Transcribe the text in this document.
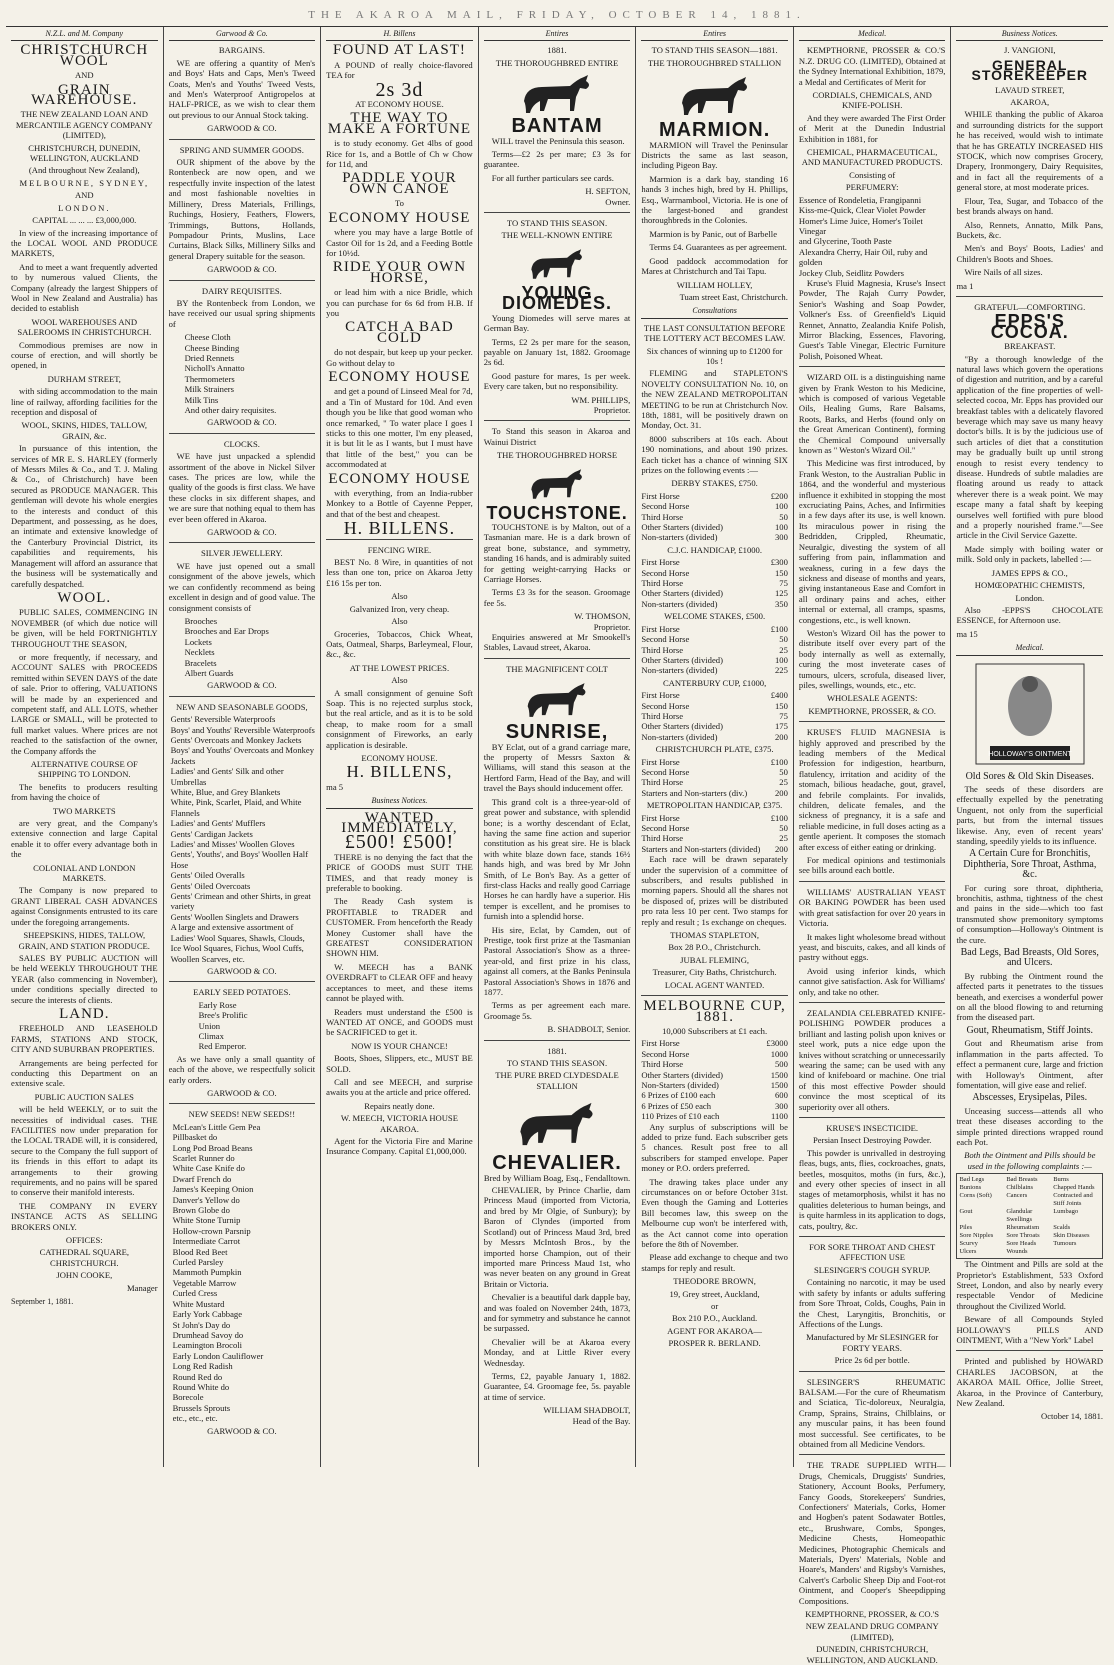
THE AKAROA MAIL, FRIDAY, OCTOBER 14, 1881.
N.Z.L. and M. Company
CHRISTCHURCH WOOL
AND
GRAIN WAREHOUSE.
THE NEW ZEALAND LOAN AND MERCANTILE AGENCY COMPANY (LIMITED),
CHRISTCHURCH, DUNEDIN, WELLINGTON, AUCKLAND
(And throughout New Zealand),
MELBOURNE, SYDNEY,
AND
LONDON.
CAPITAL ... ... ... £3,000,000.

In view of the increasing importance of the LOCAL WOOL AND PRODUCE MARKETS,

And to meet a want frequently adverted to by numerous valued Clients, the Company (already the largest Shippers of Wool in New Zealand and Australia) has decided to establish

WOOL WAREHOUSES AND SALEROOMS IN CHRISTCHURCH.

Commodious premises are now in course of erection, and will shortly be opened, in

DURHAM STREET,

with siding accommodation to the main line of railway, affording facilities for the reception and disposal of

WOOL, SKINS, HIDES, TALLOW, GRAIN, &c.

In pursuance of this intention, the services of MR E. S. HARLEY (formerly of Messrs Miles & Co., and T. J. Maling & Co., of Christchurch) have been secured as PRODUCE MANAGER. This gentleman will devote his whole energies to the interests and conduct of this Department, and possessing, as he does, an intimate and extensive knowledge of the Canterbury Provincial District, its capabilities and requirements, his Management will afford an assurance that the business will be systematically and carefully despatched.

WOOL.

PUBLIC SALES, COMMENCING IN NOVEMBER (of which due notice will be given, will be held FORTNIGHTLY THROUGHOUT THE SEASON,

or more frequently, if necessary, and ACCOUNT SALES with PROCEEDS remitted within SEVEN DAYS of the date of sale. Prior to offering, VALUATIONS will be made by an experienced and competent staff, and ALL LOTS, whether LARGE or SMALL, will be protected to full market values. Where prices are not reached to the satisfaction of the owner, the Company affords the

ALTERNATIVE COURSE OF SHIPPING TO LONDON.

The benefits to producers resulting from having the choice of

TWO MARKETS

are very great, and the Company's extensive connection and large Capital enable it to offer every advantage both in the

COLONIAL AND LONDON MARKETS.

The Company is now prepared to GRANT LIBERAL CASH ADVANCES against Consignments entrusted to its care under the foregoing arrangements.

SHEEPSKINS, HIDES, TALLOW, GRAIN, AND STATION PRODUCE.

SALES BY PUBLIC AUCTION will be held WEEKLY THROUGHOUT THE YEAR (also commencing in November), under conditions specially directed to secure the interests of clients.

LAND.

FREEHOLD AND LEASEHOLD FARMS, STATIONS AND STOCK, CITY AND SUBURBAN PROPERTIES.

Arrangements are being perfected for conducting this Department on an extensive scale.

PUBLIC AUCTION SALES

will be held WEEKLY, or to suit the necessities of individual cases. THE FACILITIES now under preparation for the LOCAL TRADE will, it is considered, secure to the Company the full support of its friends in this effort to adapt its arrangements to their growing requirements, and no pains will be spared to conserve their manifold interests.

THE COMPANY IN EVERY INSTANCE ACTS AS SELLING BROKERS ONLY.

OFFICES:
CATHEDRAL SQUARE, CHRISTCHURCH.
JOHN COOKE,
Manager
September 1, 1881.
Garwood & Co.
BARGAINS.

WE are offering a quantity of Men's and Boys' Hats and Caps, Men's Tweed Coats, Men's and Youths' Tweed Vests, and Men's Waterproof Antigropelos at HALF-PRICE, as we wish to clear them out previous to our Annual Stock taking.

GARWOOD & CO.
SPRING AND SUMMER GOODS.

OUR shipment of the above by the Rontenbeck are now open, and we respectfully invite inspection of the latest and most fashionable novelties in Millinery, Dress Materials, Frillings, Ruchings, Hosiery, Feathers, Flowers, Trimmings, Buttons, Hollands, Pompadour Prints, Muslins, Lace Curtains, Black Silks, Millinery Silks and general Drapery suitable for the season.

GARWOOD & CO.
DAIRY REQUISITES.

BY the Rontenbeck from London, we have received our usual spring shipments of

Cheese Cloth
Cheese Binding
Dried Rennets
Nicholl's Annatto
Thermometers
Milk Strainers
Milk Tins
And other dairy requisites.
GARWOOD & CO.
CLOCKS.

WE have just unpacked a splendid assortment of the above in Nickel Silver cases. The prices are low, while the quality of the goods is first class. We have these clocks in six different shapes, and we are sure that nothing equal to them has ever been offered in Akaroa.

GARWOOD & CO.
SILVER JEWELLERY.

WE have just opened out a small consignment of the above jewels, which we can confidently recommend as being excellent in design and of good value. The consignment consists of

Brooches
Brooches and Ear Drops
Lockets
Necklets
Bracelets
Albert Guards
GARWOOD & CO.
NEW AND SEASONABLE GOODS,
Gents' Reversible Waterproofs
Boys' and Youths' Reversible Waterproofs
Gents' Overcoats and Monkey Jackets
Boys' and Youths' Overcoats and Monkey Jackets
Ladies' and Gents' Silk and other Umbrellas
White, Blue, and Grey Blankets
White, Pink, Scarlet, Plaid, and White Flannels
Ladies' and Gents' Mufflers
Gents' Cardigan Jackets
Ladies' and Misses' Woollen Gloves
Gents', Youths', and Boys' Woollen Half Hose
Gents' Oiled Overalls
Gents' Oiled Overcoats
Gents' Crimean and other Shirts, in great variety
Gents' Woollen Singlets and Drawers
A large and extensive assortment of Ladies' Wool Squares, Shawls, Clouds, Ice Wool Squares, Fichus, Wool Cuffs, Woollen Scarves, etc.
GARWOOD & CO.
EARLY SEED POTATOES.
Early Rose
Bree's Prolific
Union
Climax
Red Emperor.

As we have only a small quantity of each of the above, we respectfully solicit early orders.

GARWOOD & CO.
NEW SEEDS! NEW SEEDS!!
McLean's Little Gem Pea
Pillbasket do
Long Pod Broad Beans
Scarlet Runner do
White Case Knife do
Dwarf French do
James's Keeping Onion
Danver's Yellow do
Brown Globe do
White Stone Turnip
Hollow-crown Parsnip
Intermediate Carrot
Blood Red Beet
Curled Parsley
Mammoth Pumpkin
Vegetable Marrow
Curled Cress
White Mustard
Early York Cabbage
St John's Day do
Drumhead Savoy do
Leamington Brocoli
Early London Cauliflower
Long Red Radish
Round Red do
Round White do
Borecole
Brussels Sprouts
etc., etc., etc.
GARWOOD & CO.
H. Billens
FOUND AT LAST!

A POUND of really choice-flavored TEA for

2s 3d
AT ECONOMY HOUSE.
THE WAY TO MAKE A FORTUNE

is to study economy. Get 4lbs of good Rice for 1s, and a Bottle of Ch w Chow for 11d, and

PADDLE YOUR OWN CANOE
To
ECONOMY HOUSE

where you may have a large Bottle of Castor Oil for 1s 2d, and a Feeding Bottle for 10½d.

RIDE YOUR OWN HORSE,

or lead him with a nice Bridle, which you can purchase for 6s 6d from H.B. If you

CATCH A BAD COLD

do not despair, but keep up your pecker. Go without delay to

ECONOMY HOUSE

and get a pound of Linseed Meal for 7d, and a Tin of Mustard for 10d. And even though you be like that good woman who once remarked, " To water place I goes I sticks to this one motter, I'm eny pleased, it is but lit le as I wants, but I must have that little of the best," you can be accommodated at

ECONOMY HOUSE

with everything, from an India-rubber Monkey to a Bottle of Cayenne Pepper, and that of the best and cheapest.

H. BILLENS.
FENCING WIRE.

BEST No. 8 Wire, in quantities of not less than one ton, price on Akaroa Jetty £16 15s per ton.

Also
Galvanized Iron, very cheap.
Also

Groceries, Tobaccos, Chick Wheat, Oats, Oatmeal, Sharps, Barleymeal, Flour, &c., &c.

AT THE LOWEST PRICES.
Also

A small consignment of genuine Soft Soap. This is no rejected surplus stock, but the real article, and as it is to be sold cheap, to make room for a small consignment of Fireworks, an early application is desirable.

ECONOMY HOUSE.
H. BILLENS,
ma 5
Business Notices.
WANTED IMMEDIATELY,
£500! £500!

THERE is no denying the fact that the PRICE of GOODS must SUIT THE TIMES, and that ready money is preferable to booking.

The Ready Cash system is PROFITABLE to TRADER and CUSTOMER. From henceforth the Ready Money Customer shall have the GREATEST CONSIDERATION SHOWN HIM.

W. MEECH has a BANK OVERDRAFT to CLEAR OFF and heavy acceptances to meet, and these items cannot be played with.

Readers must understand the £500 is WANTED AT ONCE, and GOODS must be SACRIFICED to get it.

NOW IS YOUR CHANCE!

Boots, Shoes, Slippers, etc., MUST BE SOLD.

Call and see MEECH, and surprise awaits you at the article and price offered.

Repairs neatly done.
W. MEECH, VICTORIA HOUSE AKAROA.

Agent for the Victoria Fire and Marine Insurance Company. Capital £1,000,000.

Entires
1881.
THE THOROUGHBRED ENTIRE
BANTAM

WILL travel the Peninsula this season.

Terms—£2 2s per mare; £3 3s for guarantee.

For all further particulars see cards.

H. SEFTON,
Owner.
TO STAND THIS SEASON.
THE WELL-KNOWN ENTIRE
YOUNG DIOMEDES.

Young Diomedes will serve mares at German Bay.

Terms, £2 2s per mare for the season, payable on January 1st, 1882. Groomage 2s 6d.

Good pasture for mares, 1s per week. Every care taken, but no responsibility.

WM. PHILLIPS,
Proprietor.

To Stand this season in Akaroa and Wainui District

THE THOROUGHBRED HORSE
TOUCHSTONE.

TOUCHSTONE is by Malton, out of a Tasmanian mare. He is a dark brown of great bone, substance, and symmetry, standing 16 hands, and is admirably suited for getting weight-carrying Hacks or Carriage Horses.

Terms £3 3s for the season. Groomage fee 5s.

W. THOMSON,
Proprietor.

Enquiries answered at Mr Smookell's Stables, Lavaud street, Akaroa.

THE MAGNIFICENT COLT
SUNRISE,

BY Eclat, out of a grand carriage mare, the property of Messrs Saxton & Williams, will stand this season at the Hertford Farm, Head of the Bay, and will travel the Bays should inducement offer.

This grand colt is a three-year-old of great power and substance, with splendid bone; is a worthy descendant of Eclat, having the same fine action and superior constitution as his great sire. He is black with white blaze down face, stands 16½ hands high, and was bred by Mr John Smith, of Le Bon's Bay. As a getter of first-class Hacks and really good Carriage Horses he can hardly have a superior. His temper is excellent, and he promises to furnish into a splendid horse.

His sire, Eclat, by Camden, out of Prestige, took first prize at the Tasmanian Pastoral Association's Show as a three-year-old, and first prize in his class, against all comers, at the Banks Peninsula Pastoral Association's Shows in 1876 and 1877.

Terms as per agreement each mare. Groomage 5s.

B. SHADBOLT, Senior.
1881.
TO STAND THIS SEASON.
THE PURE BRED CLYDESDALE STALLION
CHEVALIER.
Bred by William Boag, Esq., Fendalltown.

CHEVALIER, by Prince Charlie, dam Princess Maud (imported from Victoria, and bred by Mr Olgie, of Sunbury); by Baron of Clyndes (imported from Scotland) out of Princess Maud 3rd, bred by Messrs McIntosh Bros., by the imported horse Champion, out of their imported mare Princess Maud 1st, who was never beaten on any ground in Great Britain or Victoria.

Chevalier is a beautiful dark dapple bay, and was foaled on November 24th, 1873, and for symmetry and substance he cannot be surpassed.

Chevalier will be at Akaroa every Monday, and at Little River every Wednesday.

Terms, £2, payable January 1, 1882. Guarantee, £4. Groomage fee, 5s. payable at time of service.

WILLIAM SHADBOLT,
Head of the Bay.
Entires
TO STAND THIS SEASON—1881.
THE THOROUGHBRED STALLION
MARMION.

MARMION will Travel the Peninsular Districts the same as last season, including Pigeon Bay.

Marmion is a dark bay, standing 16 hands 3 inches high, bred by H. Phillips, Esq., Warrnambool, Victoria. He is one of the largest-boned and grandest thoroughbreds in the Colonies.

Marmion is by Panic, out of Barbelle

Terms £4. Guarantees as per agreement.

Good paddock accommodation for Mares at Christchurch and Tai Tapu.

WILLIAM HOLLEY,
Tuam street East, Christchurch.
Consultations
THE LAST CONSULTATION BEFORE THE LOTTERY ACT BECOMES LAW.
Six chances of winning up to £1200 for 10s !

FLEMING and STAPLETON'S NOVELTY CONSULTATION No. 10, on the NEW ZEALAND METROPOLITAN MEETING to be run at Christchurch Nov. 18th, 1881, will be positively drawn on Monday, Oct. 31.

8000 subscribers at 10s each. About 190 nominations, and about 190 prizes. Each ticket has a chance of winning SIX prizes on the following events :—

DERBY STAKES, £750.
First Horse	£200
Second Horse	100
Third Horse	50
Other Starters (divided)	100
Non-starters (divided)	300
C.J.C. HANDICAP, £1000.
First Horse	£300
Second Horse	150
Third Horse	75
Other Starters (divided)	125
Non-starters (divided)	350
WELCOME STAKES, £500.
First Horse	£100
Second Horse	50
Third Horse	25
Other Starters (divided)	100
Non-starters (divided)	225
CANTERBURY CUP, £1000,
First Horse	£400
Second Horse	150
Third Horse	75
Other Starters (divided)	175
Non-starters (divided)	200
CHRISTCHURCH PLATE, £375.
First Horse	£100
Second Horse	50
Third Horse	25
Starters and Non-starters (div.)	200
METROPOLITAN HANDICAP, £375.
First Horse	£100
Second Horse	50
Third Horse	25
Starters and Non-starters (divided) 200

Each race will be drawn separately under the supervision of a committee of subscribers, and results published in morning papers. Should all the shares not be disposed of, prizes will be distributed pro rata less 10 per cent. Two stamps for reply and result ; 1s exchange on cheques.

THOMAS STAPLETON,
Box 28 P.O., Christchurch.
JUBAL FLEMING,
Treasurer, City Baths, Christchurch.
LOCAL AGENT WANTED.
MELBOURNE CUP, 1881.
10,000 Subscribers at £1 each.
First Horse	£3000
Second Horse	1000
Third Horse	500
Other Starters (divided)	1500
Non-Starters (divided)	1500
6 Prizes of £100 each	600
6 Prizes of £50 each	300
110 Prizes of £10 each	1100

Any surplus of subscriptions will be added to prize fund. Each subscriber gets 5 chances. Result post free to all subscribers for stamped envelope. Paper money or P.O. orders preferred.

The drawing takes place under any circumstances on or before October 31st. Even though the Gaming and Lotteries Bill becomes law, this sweep on the Melbourne cup won't be interfered with, as the Act cannot come into operation before the 8th of November.

Please add exchange to cheque and two stamps for reply and result.

THEODORE BROWN,
19, Grey street, Auckland,
or
Box 210 P.O., Auckland.
AGENT FOR AKAROA—
PROSPER R. BERLAND.
Medical.

KEMPTHORNE, PROSSER & CO.'S N.Z. DRUG CO. (LIMITED), Obtained at the Sydney International Exhibition, 1879, a Medal and Certificates of Merit for

CORDIALS, CHEMICALS, AND KNIFE-POLISH.

And they were awarded The First Order of Merit at the Dunedin Industrial Exhibition in 1881, for

CHEMICAL, PHARMACEUTICAL, AND MANUFACTURED PRODUCTS.
Consisting of
PERFUMERY:
Essence of Rondeletia, Frangipanni
Kiss-me-Quick, Clear Violet Powder
Homer's Lime Juice, Homer's Toilet Vinegar
and Glycerine, Tooth Paste
Alexandra Cherry, Hair Oil, ruby and golden
Jockey Club, Seidlitz Powders

Kruse's Fluid Magnesia, Kruse's Insect Powder, The Rajah Curry Powder, Senior's Washing and Soap Powder, Volkner's Ess. of Greenfield's Liquid Rennet, Annatto, Zealandia Knife Polish, Mirror Blacking, Essences, Flavoring, Guest's Table Vinegar, Electric Furniture Polish, Poisoned Wheat.

WIZARD OIL is a distinguishing name given by Frank Weston to his Medicine, which is composed of various Vegetable Oils, Healing Gums, Rare Balsams, Roots, Barks, and Herbs (found only on the Great American Continent), forming the Chemical Compound universally known as " Weston's Wizard Oil."

This Medicine was first introduced, by Frank Weston, to the Australian Public in 1864, and the wonderful and mysterious influence it exhibited in stopping the most excruciating Pains, Aches, and Infirmities in a few days after its use, is well known. Its miraculous power in rising the Bedridden, Crippled, Rheumatic, Neuralgic, divesting the system of all suffering from pain, inflammation and weakness, curing in a few days the sickness and disease of months and years, giving instantaneous Ease and Comfort in all ordinary pains and aches, either internal or external, all cramps, spasms, congestions, etc., is well known.

Weston's Wizard Oil has the power to distribute itself over every part of the body internally as well as externally, curing the most inveterate cases of tumours, ulcers, scrofula, diseased liver, piles, swellings, wounds, etc., etc.

WHOLESALE AGENTS:
KEMPTHORNE, PROSSER, & CO.

KRUSE'S FLUID MAGNESIA is highly approved and prescribed by the leading members of the Medical Profession for indigestion, heartburn, flatulency, irritation and acidity of the stomach, bilious headache, gout, gravel, and febrile complaints. For invalids, children, delicate females, and the sickness of pregnancy, it is a safe and reliable medicine, in full doses acting as a gentle aperient. It composes the stomach after excess of either eating or drinking.

For medical opinions and testimonials see bills around each bottle.

WILLIAMS' AUSTRALIAN YEAST OR BAKING POWDER has been used with great satisfaction for over 20 years in Victoria.

It makes light wholesome bread without yeast, and biscuits, cakes, and all kinds of pastry without eggs.

Avoid using inferior kinds, which cannot give satisfaction. Ask for Williams' only, and take no other.

ZEALANDIA CELEBRATED KNIFE-POLISHING POWDER produces a brilliant and lasting polish upon knives or steel work, puts a nice edge upon the knives without scratching or unnecessarily wearing the same; can be used with any kind of knifeboard or machine. One trial of this most effective Powder should convince the most sceptical of its superiority over all others.

KRUSE'S INSECTICIDE.
Persian Insect Destroying Powder.

This powder is unrivalled in destroying fleas, bugs, ants, flies, cockroaches, gnats, beetles, mosquitos, moths (in furs, &c.), and every other species of insect in all stages of metamorphosis, whilst it has no qualities deleterious to human beings, and is quite harmless in its application to dogs, cats, poultry, &c.

FOR SORE THROAT AND CHEST AFFECTION USE
SLESINGER'S COUGH SYRUP.

Containing no narcotic, it may be used with safety by infants or adults suffering from Sore Throat, Colds, Coughs, Pain in the Chest, Laryngitis, Bronchitis, or Affections of the Lungs.

Manufactured by Mr SLESINGER for FORTY YEARS.
Price 2s 6d per bottle.

SLESINGER'S RHEUMATIC BALSAM.—For the cure of Rheumatism and Sciatica, Tic-doloreux, Neuralgia, Cramp, Sprains, Strains, Chilblains, or any muscular pains, it has been found most successful. See certificates, to be obtained from all Medicine Vendors.

THE TRADE SUPPLIED WITH—Drugs, Chemicals, Druggists' Sundries, Stationery, Account Books, Perfumery, Fancy Goods, Storekeepers' Sundries, Confectioners' Materials, Corks, Homer and Hogben's patent Sodawater Bottles, etc., Brushware, Combs, Sponges, Medicine Chests, Homeopathic Medicines, Photographic Chemicals and Materials, Dyers' Materials, Noble and Hoare's, Manders' and Rigsby's Varnishes, Calvert's Carbolic Sheep Dip and Foot-rot Ointment, and Cooper's Sheepdipping Compositions.

KEMPTHORNE, PROSSER, & CO.'S
NEW ZEALAND DRUG COMPANY (LIMITED),
DUNEDIN, CHRISTCHURCH, WELLINGTON, AND AUCKLAND.
Business Notices.
J. VANGIONI,
GENERAL STOREKEEPER
LAVAUD STREET,
AKAROA,

WHILE thanking the public of Akaroa and surrounding districts for the support he has received, would wish to intimate that he has GREATLY INCREASED HIS STOCK, which now comprises Grocery, Drapery, Ironmongery, Dairy Requisites, and in fact all the requirements of a general store, at most moderate prices.

Flour, Tea, Sugar, and Tobacco of the best brands always on hand.

Also, Rennets, Annatto, Milk Pans, Buckets, &c.

Men's and Boys' Boots, Ladies' and Children's Boots and Shoes.

Wire Nails of all sizes.

ma 1
GRATEFUL—COMFORTING.
EPPS'S COCOA.
BREAKFAST.

"By a thorough knowledge of the natural laws which govern the operations of digestion and nutrition, and by a careful application of the fine properties of well-selected cocoa, Mr. Epps has provided our breakfast tables with a delicately flavored beverage which may save us many heavy doctor's bills. It is by the judicious use of such articles of diet that a constitution may be gradually built up until strong enough to resist every tendency to disease. Hundreds of subtle maladies are floating around us ready to attack wherever there is a weak point. We may escape many a fatal shaft by keeping ourselves well fortified with pure blood and a properly nourished frame."—See article in the Civil Service Gazette.

Made simply with boiling water or milk. Sold only in packets, labelled :—

JAMES EPPS & CO.,
HOMŒOPATHIC CHEMISTS,
London.

Also -EPPS'S CHOCOLATE ESSENCE, for Afternoon use.

ma 15
Medical.
HOLLOWAY'S OINTMENT
Old Sores & Old Skin Diseases.

The seeds of these disorders are effectually expelled by the penetrating Unguent, not only from the superficial parts, but from the internal tissues likewise. Any, even of recent years' standing, speedily yields to its influence.

A Certain Cure for Bronchitis, Diphtheria, Sore Throat, Asthma, &c.

For curing sore throat, diphtheria, bronchitis, asthma, tightness of the chest and pains in the side—which too fast transmuted show premonitory symptoms of consumption—Holloway's Ointment is the cure.

Bad Legs, Bad Breasts, Old Sores, and Ulcers.

By rubbing the Ointment round the affected parts it penetrates to the tissues beneath, and exercises a wonderful power on all the blood flowing to and returning from the diseased part.

Gout, Rheumatism, Stiff Joints.

Gout and Rheumatism arise from inflammation in the parts affected. To effect a permanent cure, large and friction with Holloway's Ointment, after fomentation, will give ease and relief.

Abscesses, Erysipelas, Piles.

Unceasing success—attends all who treat these diseases according to the simple printed directions wrapped round each Pot.

Both the Ointment and Pills should be used in the following complaints :—
Bad Legs	Bad Breasts	Burns
Bunions	Chilblains	Chapped Hands
Corns (Soft)	Cancers	Contracted and Stiff Joints
Gout	Glandular Swellings
Lumbago
Piles	Rheumatism	Scalds
Sore Nipples	Sore Throats	Skin Diseases
Scurvy	Sore Heads	Tumours
Ulcers	Wounds

The Ointment and Pills are sold at the Proprietor's Establishment, 533 Oxford Street, London, and also by nearly every respectable Vendor of Medicine throughout the Civilized World.

Beware of all Compounds Styled HOLLOWAY'S PILLS AND OINTMENT, With a "New York" Label

Printed and published by HOWARD CHARLES JACOBSON, at the AKAROA MAIL Office, Jollie Street, Akaroa, in the Province of Canterbury, New Zealand.

October 14, 1881.
